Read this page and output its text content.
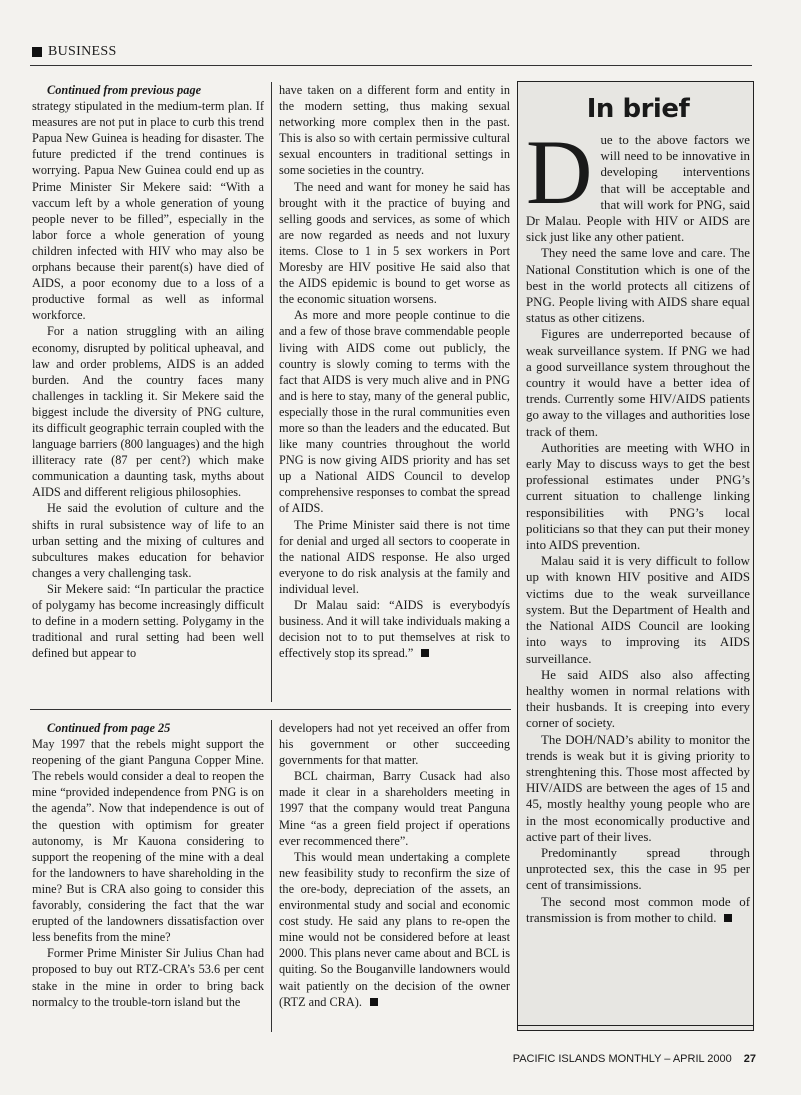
BUSINESS

Continued from previous page

strategy stipulated in the medium-term plan. If measures are not put in place to curb this trend Papua New Guinea is heading for disaster. The future predicted if the trend continues is worrying. Papua New Guinea could end up as Prime Minister Sir Mekere said: “With a vaccum left by a whole generation of young people never to be filled”, especially in the labor force a whole generation of young children infected with HIV who may also be orphans because their parent(s) have died of AIDS, a poor economy due to a loss of a productive formal as well as informal workforce.

For a nation struggling with an ailing economy, disrupted by political upheaval, and law and order problems, AIDS is an added burden. And the country faces many challenges in tackling it. Sir Mekere said the biggest include the diversity of PNG culture, its difficult geographic terrain coupled with the language barriers (800 languages) and the high illiteracy rate (87 per cent?) which make communication a daunting task, myths about AIDS and different religious philosophies.

He said the evolution of culture and the shifts in rural subsistence way of life to an urban setting and the mixing of cultures and subcultures makes education for behavior changes a very challenging task.

Sir Mekere said: “In particular the practice of polygamy has become increasingly difficult to define in a modern setting. Polygamy in the traditional and rural setting had been well defined but appear to

have taken on a different form and entity in the modern setting, thus making sexual networking more complex then in the past. This is also so with certain permissive cultural sexual encounters in traditional settings in some societies in the country.

The need and want for money he said has brought with it the practice of buying and selling goods and services, as some of which are now regarded as needs and not luxury items. Close to 1 in 5 sex workers in Port Moresby are HIV positive He said also that the AIDS epidemic is bound to get worse as the economic situation worsens.

As more and more people continue to die and a few of those brave commendable people living with AIDS come out publicly, the country is slowly coming to terms with the fact that AIDS is very much alive and in PNG and is here to stay, many of the general public, especially those in the rural communities even more so than the leaders and the educated. But like many countries throughout the world PNG is now giving AIDS priority and has set up a National AIDS Council to develop comprehensive responses to combat the spread of AIDS.

The Prime Minister said there is not time for denial and urged all sectors to cooperate in the national AIDS response. He also urged everyone to do risk analysis at the family and individual level.

Dr Malau said: “AIDS is everybodyís business. And it will take individuals making a decision not to to put themselves at risk to effectively stop its spread.”

Continued from page 25

May 1997 that the rebels might support the reopening of the giant Panguna Copper Mine. The rebels would consider a deal to reopen the mine “provided independence from PNG is on the agenda”. Now that independence is out of the question with optimism for greater autonomy, is Mr Kauona considering to support the reopening of the mine with a deal for the landowners to have shareholding in the mine? But is CRA also going to consider this favorably, considering the fact that the war erupted of the landowners dissatisfaction over less benefits from the mine?

Former Prime Minister Sir Julius Chan had proposed to buy out RTZ-CRA’s 53.6 per cent stake in the mine in order to bring back normalcy to the trouble-torn island but the

developers had not yet received an offer from his government or other succeeding governments for that matter.

BCL chairman, Barry Cusack had also made it clear in a shareholders meeting in 1997 that the company would treat Panguna Mine “as a green field project if operations ever recommenced there”.

This would mean undertaking a complete new feasibility study to reconfirm the size of the ore-body, depreciation of the assets, an environmental study and social and economic cost study. He said any plans to re-open the mine would not be considered before at least 2000. This plans never came about and BCL is quiting. So the Bouganville landowners would wait patiently on the decision of the owner (RTZ and CRA).

In brief

Due to the above factors we will need to be innovative in developing interventions that will be acceptable and that will work for PNG, said Dr Malau. People with HIV or AIDS are sick just like any other patient.

They need the same love and care. The National Constitution which is one of the best in the world protects all citizens of PNG. People living with AIDS share equal status as other citizens.

Figures are underreported because of weak surveillance system. If PNG we had a good surveillance system throughout the country it would have a better idea of trends. Currently some HIV/AIDS patients go away to the villages and authorities lose track of them.

Authorities are meeting with WHO in early May to discuss ways to get the best professional estimates under PNG’s current situation to challenge linking responsibilities with PNG’s local politicians so that they can put their money into AIDS prevention.

Malau said it is very difficult to follow up with known HIV positive and AIDS victims due to the weak surveillance system. But the Department of Health and the National AIDS Council are looking into ways to improving its AIDS surveillance.

He said AIDS also also affecting healthy women in normal relations with their husbands. It is creeping into every corner of society.

The DOH/NAD’s ability to monitor the trends is weak but it is giving priority to strenghtening this. Those most affected by HIV/AIDS are between the ages of 15 and 45, mostly healthy young people who are in the most economically productive and active part of their lives.

Predominantly spread through unprotected sex, this the case in 95 per cent of transimissions.

The second most common mode of transmission is from mother to child.

PACIFIC ISLANDS MONTHLY – APRIL 2000 27
